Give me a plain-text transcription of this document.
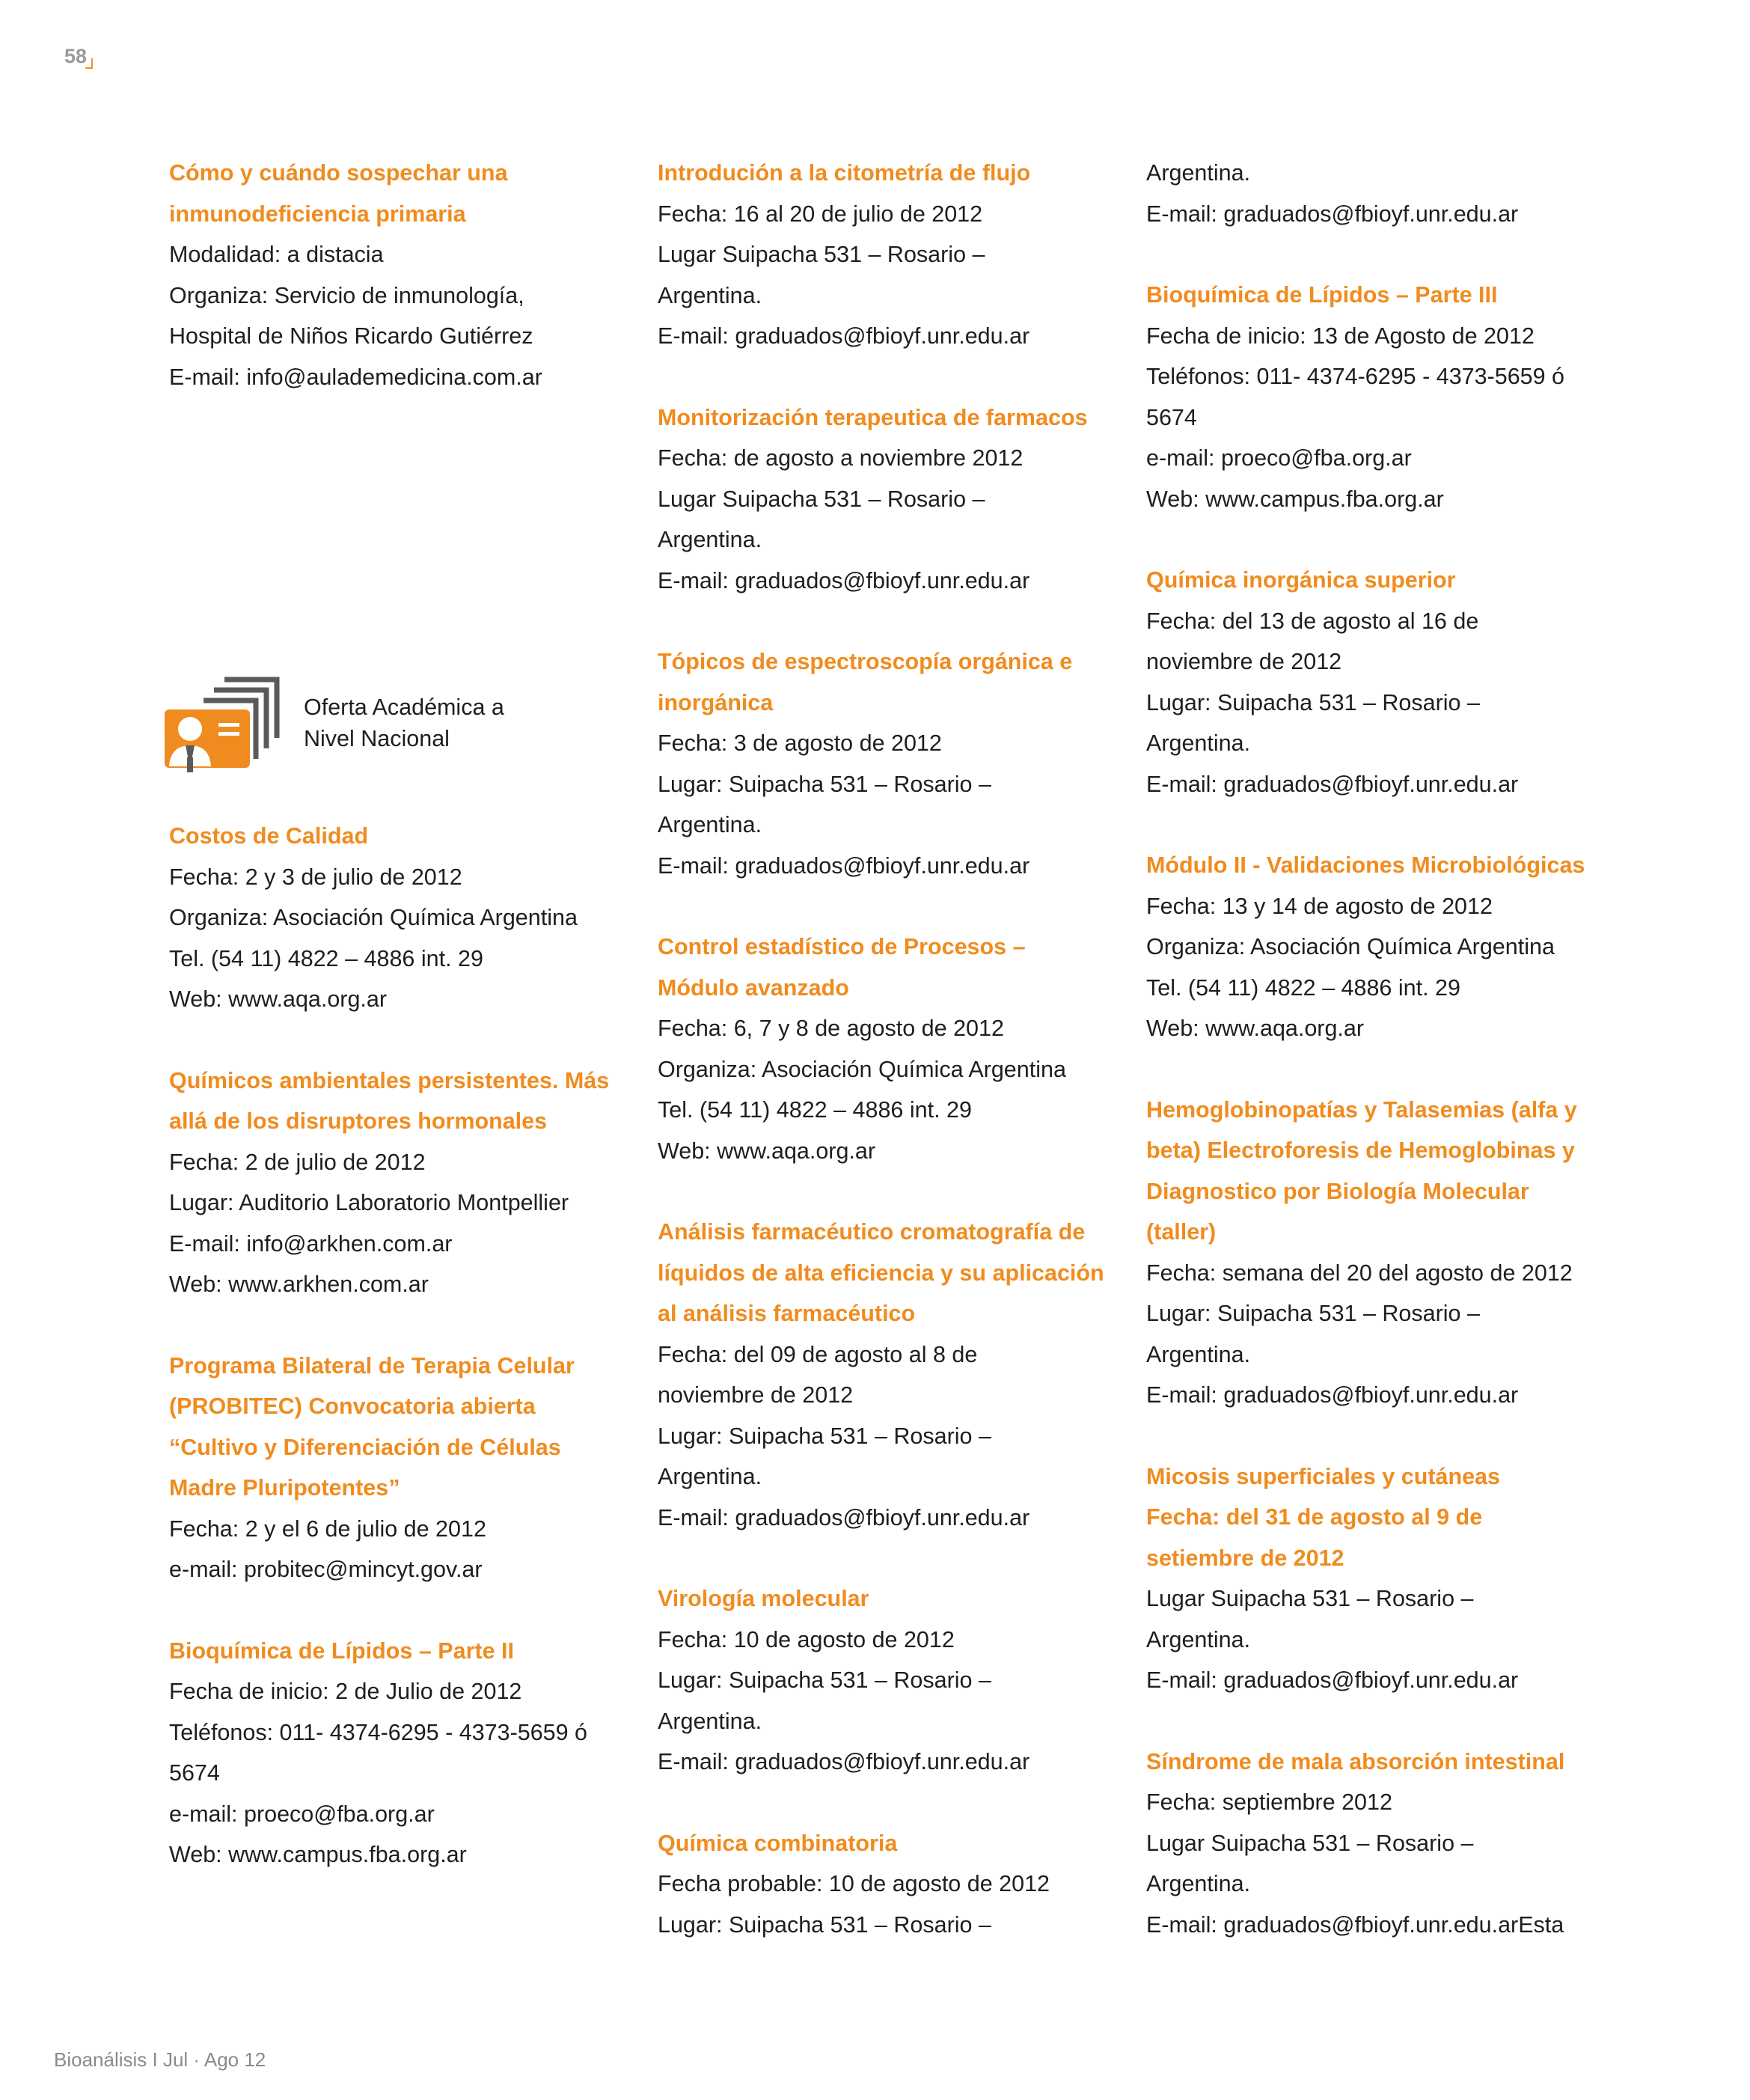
58
Cómo y cuándo sospechar una
inmunodeficiencia primaria
Modalidad: a distacia
Organiza: Servicio de inmunología,
Hospital de Niños Ricardo Gutiérrez
E-mail: info@aulademedicina.com.ar
Oferta Académica a
Nivel Nacional
Costos de Calidad
Fecha: 2 y 3 de julio de 2012
Organiza: Asociación Química Argentina
Tel. (54 11) 4822 – 4886 int. 29
Web: www.aqa.org.ar
Químicos ambientales persistentes. Más
allá de los disruptores hormonales
Fecha: 2 de julio de 2012
Lugar: Auditorio Laboratorio Montpellier
E-mail: info@arkhen.com.ar
Web: www.arkhen.com.ar
Programa Bilateral de Terapia Celular
(PROBITEC) Convocatoria abierta
“Cultivo y Diferenciación de Células
Madre Pluripotentes”
Fecha: 2 y el 6 de julio de 2012
e-mail: probitec@mincyt.gov.ar
Bioquímica de Lípidos – Parte II
Fecha de inicio: 2 de Julio de 2012
Teléfonos: 011- 4374-6295 - 4373-5659 ó
5674
e-mail: proeco@fba.org.ar
Web: www.campus.fba.org.ar
Introdución a la citometría de flujo
Fecha: 16 al 20 de julio de 2012
Lugar Suipacha 531 – Rosario –
Argentina.
E-mail: graduados@fbioyf.unr.edu.ar
Monitorización terapeutica de farmacos
Fecha: de agosto a noviembre 2012
Lugar Suipacha 531 – Rosario –
Argentina.
E-mail: graduados@fbioyf.unr.edu.ar
Tópicos de espectroscopía orgánica e
inorgánica
Fecha: 3 de agosto de 2012
Lugar: Suipacha 531 – Rosario –
Argentina.
E-mail: graduados@fbioyf.unr.edu.ar
Control estadístico de Procesos –
Módulo avanzado
Fecha: 6, 7 y 8 de agosto de 2012
Organiza: Asociación Química Argentina
Tel. (54 11) 4822 – 4886 int. 29
Web: www.aqa.org.ar
Análisis farmacéutico cromatografía de
líquidos de alta eficiencia y su aplicación
al análisis farmacéutico
Fecha: del 09 de agosto al 8 de
noviembre de 2012
Lugar: Suipacha 531 – Rosario –
Argentina.
E-mail: graduados@fbioyf.unr.edu.ar
Virología molecular
Fecha: 10 de agosto de 2012
Lugar: Suipacha 531 – Rosario –
Argentina.
E-mail: graduados@fbioyf.unr.edu.ar
Química combinatoria
Fecha probable: 10 de agosto de 2012
Lugar: Suipacha 531 – Rosario –
Argentina.
E-mail: graduados@fbioyf.unr.edu.ar
Bioquímica de Lípidos – Parte III
Fecha de inicio: 13 de Agosto de 2012
Teléfonos: 011- 4374-6295 - 4373-5659 ó
5674
e-mail: proeco@fba.org.ar
Web: www.campus.fba.org.ar
Química inorgánica superior
Fecha: del 13 de agosto al 16 de
noviembre de 2012
Lugar: Suipacha 531 – Rosario –
Argentina.
E-mail: graduados@fbioyf.unr.edu.ar
Módulo II - Validaciones Microbiológicas
Fecha: 13 y 14 de agosto de 2012
Organiza: Asociación Química Argentina
Tel. (54 11) 4822 – 4886 int. 29
Web: www.aqa.org.ar
Hemoglobinopatías y Talasemias (alfa y
beta) Electroforesis de Hemoglobinas y
Diagnostico por Biología Molecular
(taller)
Fecha: semana del 20 del agosto de 2012
Lugar: Suipacha 531 – Rosario –
Argentina.
E-mail: graduados@fbioyf.unr.edu.ar
Micosis superficiales y cutáneas
Fecha: del 31 de agosto al 9 de
setiembre de 2012
Lugar Suipacha 531 – Rosario –
Argentina.
E-mail: graduados@fbioyf.unr.edu.ar
Síndrome de mala absorción intestinal
Fecha: septiembre 2012
Lugar Suipacha 531 – Rosario –
Argentina.
E-mail: graduados@fbioyf.unr.edu.arEsta
Bioanálisis I Jul · Ago 12
